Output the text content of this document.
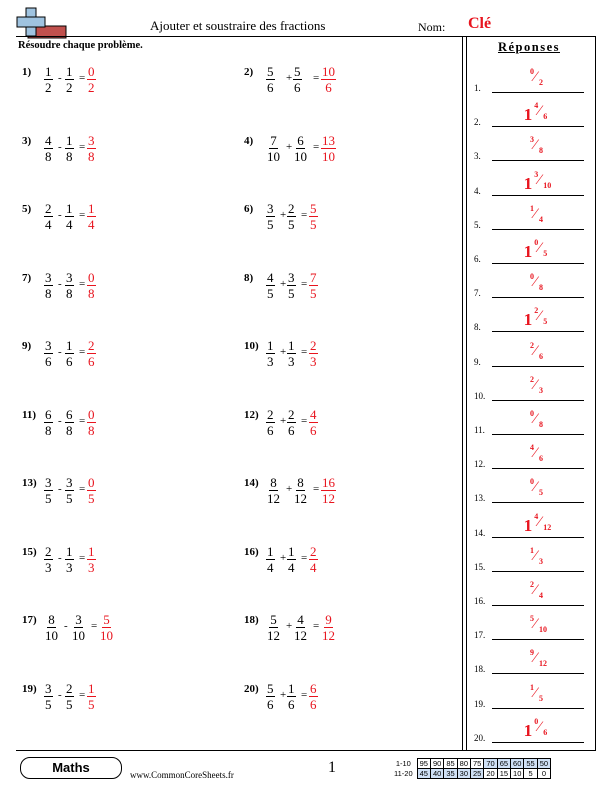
Ajouter et soustraire des fractions	Nom: Clé
Résoudre chaque problème.	Réponses
$1) \frac{1}{2} - \frac{1}{2} = \frac{0}{2}$	$2) \frac{5}{6} + \frac{5}{6} = \frac{10}{6}$
$3) \frac{4}{8} - \frac{1}{8} = \frac{3}{8}$	$4) \frac{7}{10} + \frac{6}{10} = \frac{13}{10}$
$5) \frac{2}{4} - \frac{1}{4} = \frac{1}{4}$	$6) \frac{3}{5} + \frac{2}{5} = \frac{5}{5}$
$7) \frac{3}{8} - \frac{3}{8} = \frac{0}{8}$	$8) \frac{4}{5} + \frac{3}{5} = \frac{7}{5}$
$9) \frac{3}{6} - \frac{1}{6} = \frac{2}{6}$	$10) \frac{1}{3} + \frac{1}{3} = \frac{2}{3}$
$11) \frac{6}{8} - \frac{6}{8} = \frac{0}{8}$	$12) \frac{2}{6} + \frac{2}{6} = \frac{4}{6}$
$13) \frac{3}{5} - \frac{3}{5} = \frac{0}{5}$	$14) \frac{8}{12} + \frac{8}{12} = \frac{16}{12}$
$15) \frac{2}{3} - \frac{1}{3} = \frac{1}{3}$	$16) \frac{1}{4} + \frac{1}{4} = \frac{2}{4}$
$17) \frac{8}{10} - \frac{3}{10} = \frac{5}{10}$	$18) \frac{5}{12} + \frac{4}{12} = \frac{9}{12}$
$19) \frac{3}{5} - \frac{2}{5} = \frac{1}{5}$	$20) \frac{5}{6} + \frac{1}{6} = \frac{6}{6}$
1.
0 ⁄ 2
2.	1 4 ⁄ 6
3.
3 ⁄ 8
4.	1 3 ⁄ 10
5.
1 ⁄ 4
6.	1 0 ⁄ 5
7.
0 ⁄ 8
8.	1 2 ⁄ 5
9.
2 ⁄ 6
10.
2 ⁄ 3
11.
0 ⁄ 8
12.
4 ⁄ 6
13.
0 ⁄ 5
14.	1 4 ⁄ 12
15.
1 ⁄ 3
16.
2 ⁄ 4
17.
5 ⁄ 10
18.
9 ⁄ 12
19.
1 ⁄ 5
20.	1 0 ⁄ 6
Maths	www.CommonCoreSheets.fr	1	1-10	95	90	85	80	75	70	65	60	55	50
11-20	45	40	35	30	25	20	15	10	5	0
